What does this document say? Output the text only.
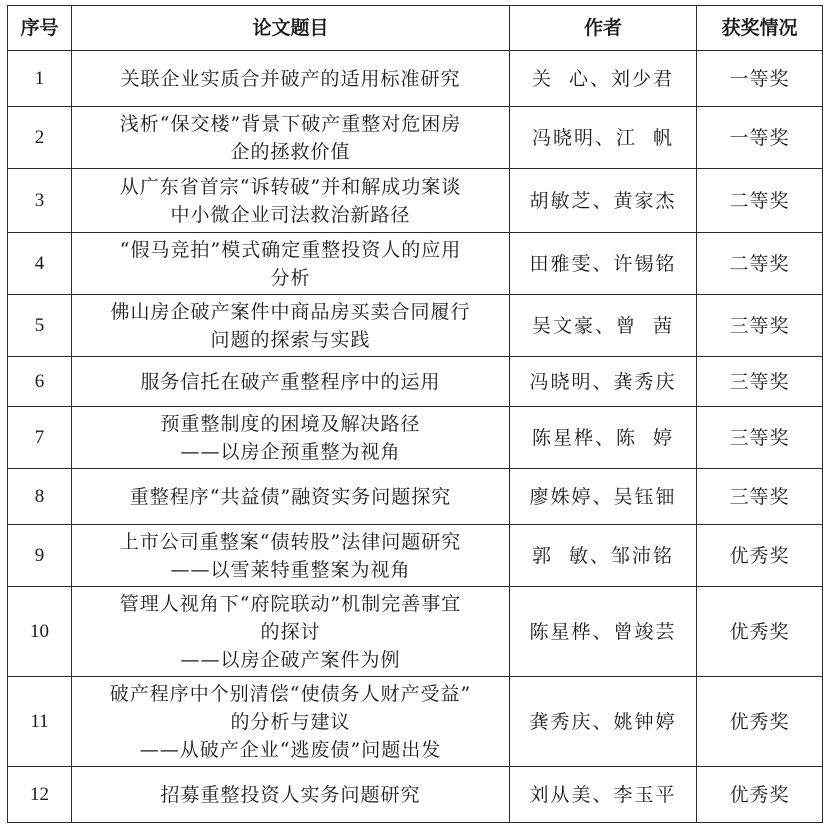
序号	论文题目	作者	获奖情况
1	关联企业实质合并破产的适用标准研究	关  心、刘少君	一等奖
2	浅析“保交楼”背景下破产重整对危困房
企的拯救价值	冯晓明、江  帆	一等奖
3	从广东省首宗“诉转破”并和解成功案谈
中小微企业司法救治新路径	胡敏芝、黄家杰	二等奖
4	“假马竞拍”模式确定重整投资人的应用
分析	田雅雯、许锡铭	二等奖
5	佛山房企破产案件中商品房买卖合同履行
问题的探索与实践	吴文豪、曾  茜	三等奖
6	服务信托在破产重整程序中的运用	冯晓明、龚秀庆	三等奖
7	预重整制度的困境及解决路径
——以房企预重整为视角	陈星桦、陈  婷	三等奖
8	重整程序“共益债”融资实务问题探究	廖姝婷、吴钰钿	三等奖
9	上市公司重整案“债转股”法律问题研究
——以雪莱特重整案为视角	郭  敏、邹沛铭	优秀奖
10	管理人视角下“府院联动”机制完善事宜
的探讨
——以房企破产案件为例	陈星桦、曾竣芸	优秀奖
11	破产程序中个别清偿“使债务人财产受益”
的分析与建议
——从破产企业“逃废债”问题出发	龚秀庆、姚钟婷	优秀奖
12	招募重整投资人实务问题研究	刘从美、李玉平	优秀奖
